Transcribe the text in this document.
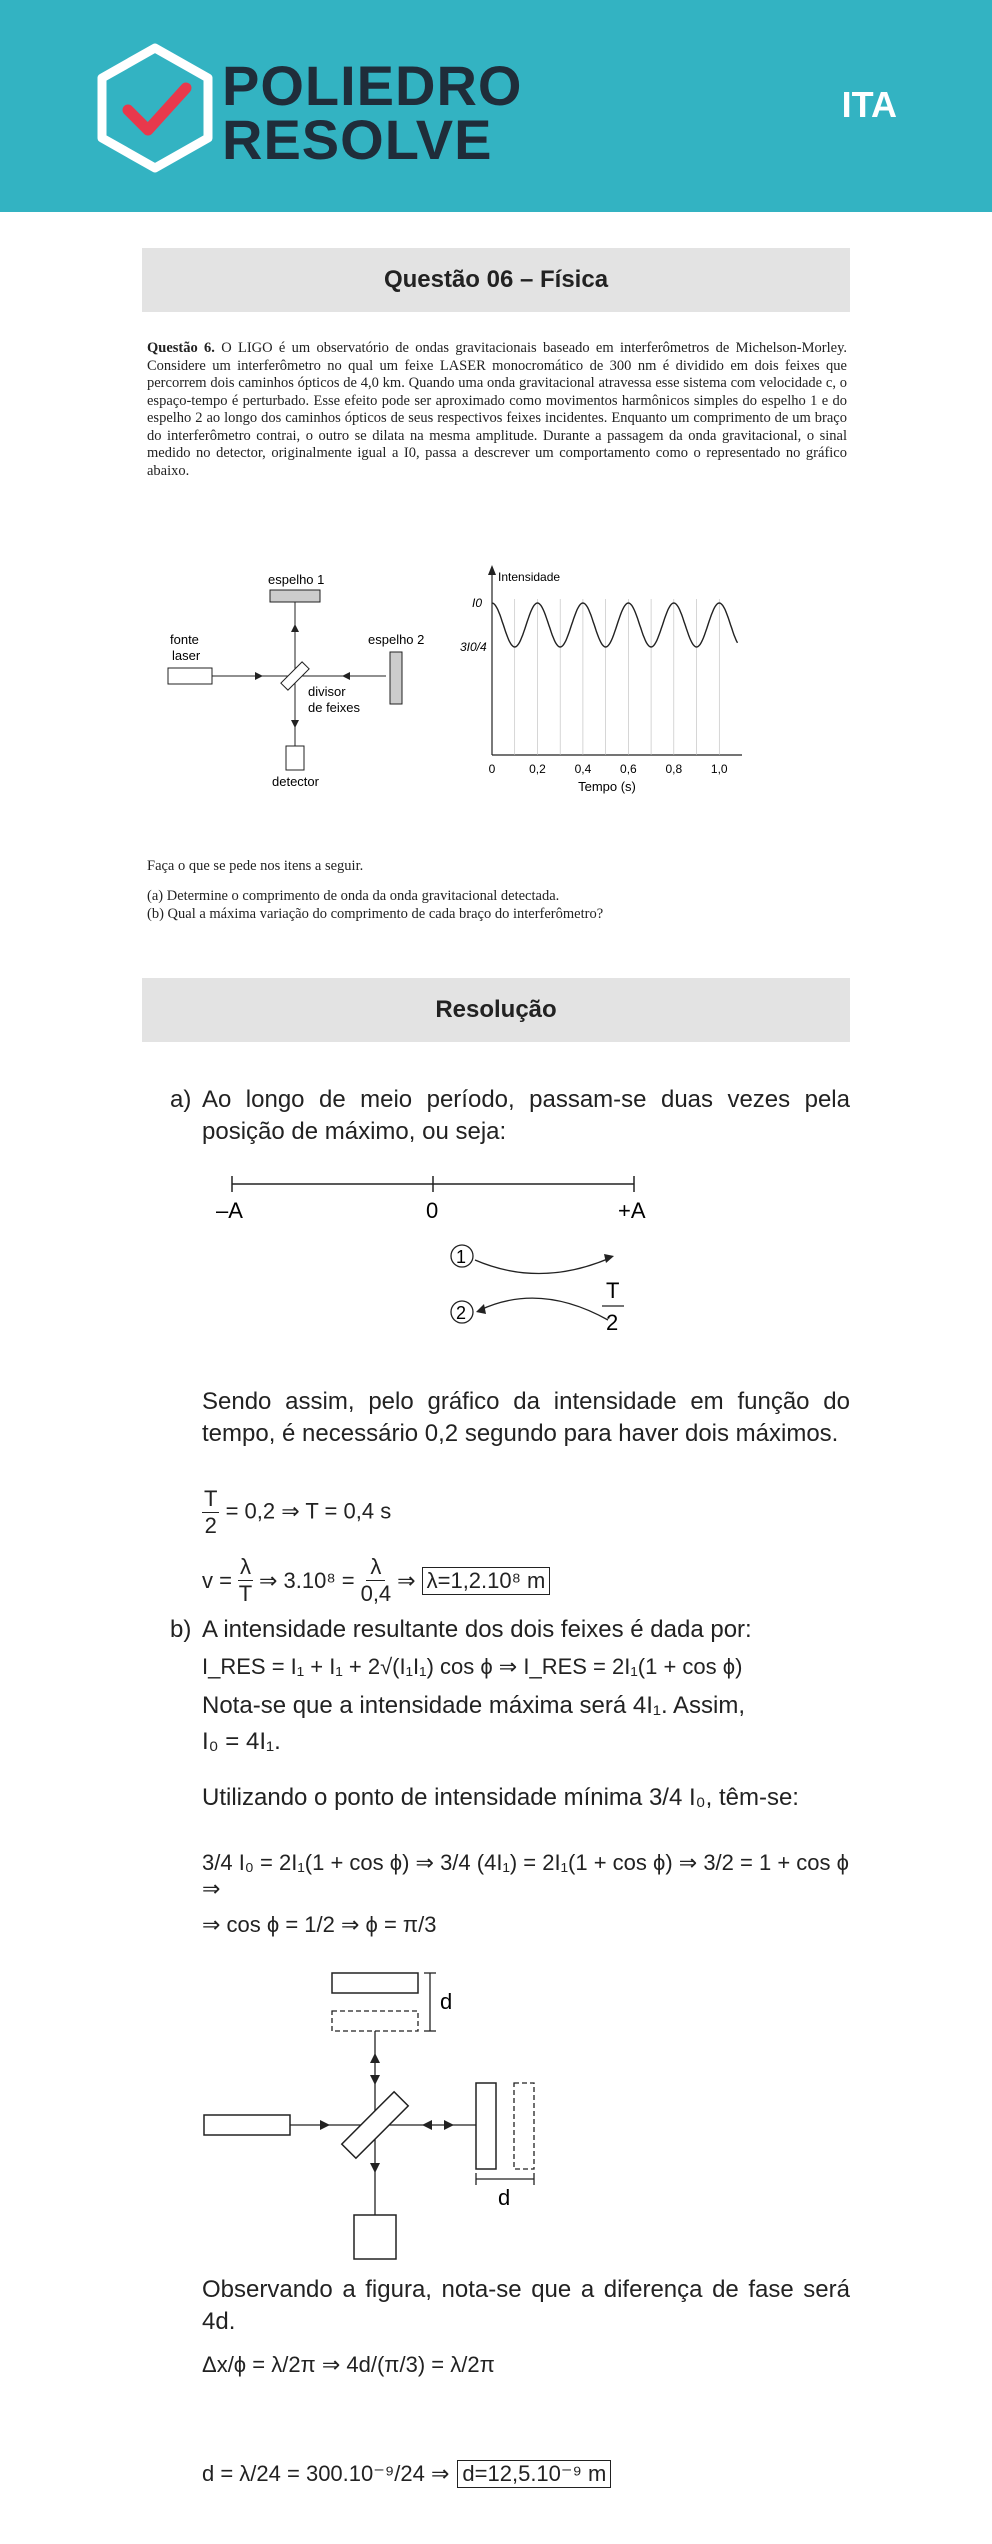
POLIEDRO
RESOLVE
ITA
Questão 06 – Física
Questão 6. O LIGO é um observatório de ondas gravitacionais baseado em interferômetros de Michelson-Morley. Considere um interferômetro no qual um feixe LASER monocromático de 300 nm é dividido em dois feixes que percorrem dois caminhos ópticos de 4,0 km. Quando uma onda gravitacional atravessa esse sistema com velocidade c, o espaço-tempo é perturbado. Esse efeito pode ser aproximado como movimentos harmônicos simples do espelho 1 e do espelho 2 ao longo dos caminhos ópticos de seus respectivos feixes incidentes. Enquanto um comprimento de um braço do interferômetro contrai, o outro se dilata na mesma amplitude. Durante a passagem da onda gravitacional, o sinal medido no detector, originalmente igual a I0, passa a descrever um comportamento como o representado no gráfico abaixo.
espelho 1
espelho 2
fonte
laser
divisor
de feixes
detector
Intensidade
I0
3I0/4
0	0,2 0,4 0,6 0,8 1,0
Tempo (s)
Faça o que se pede nos itens a seguir.
(a) Determine o comprimento de onda da onda gravitacional detectada.
(b) Qual a máxima variação do comprimento de cada braço do interferômetro?
Resolução
a) Ao longo de meio período, passam-se duas vezes pela posição de máximo, ou seja:
–A	0	+A
1
2
T
2
Sendo assim, pelo gráfico da intensidade em função do tempo, é necessário 0,2 segundo para haver dois máximos.
$\frac{T}{2} = 0,2$ ⇒ T = 0,4 s
$v = \frac{\lambda}{T}$ ⇒ $3.10^8 = \frac{\lambda}{0,4}$ ⇒ λ=1,2.10⁸ m
b) A intensidade resultante dos dois feixes é dada por:
I_RES = I₁ + I₁ + 2√(I₁I₁) cos ϕ ⇒ I_RES = 2I₁(1 + cos ϕ)
Nota-se que a intensidade máxima será 4I₁. Assim,
I₀ = 4I₁.
Utilizando o ponto de intensidade mínima 3/4 I₀, têm-se:
3/4 I₀ = 2I₁(1 + cos ϕ) ⇒ 3/4 (4I₁) = 2I₁(1 + cos ϕ) ⇒ 3/2 = 1 + cos ϕ ⇒
⇒ cos ϕ = 1/2 ⇒ ϕ = π/3
d
d
Observando a figura, nota-se que a diferença de fase será 4d.
Δx/ϕ = λ/2π ⇒ 4d/(π/3) = λ/2π
d = λ/24 = 300.10⁻⁹/24 ⇒ d=12,5.10⁻⁹ m
